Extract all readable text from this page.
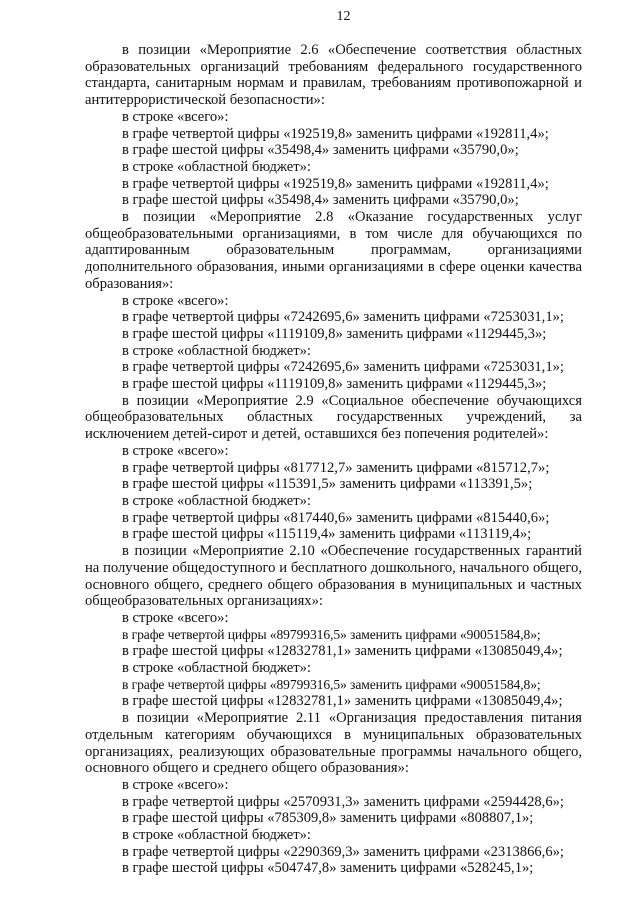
12

в позиции «Мероприятие 2.6 «Обеспечение соответствия областных образовательных организаций требованиям федерального государственного стандарта, санитарным нормам и правилам, требованиям противопожарной и антитеррористической безопасности»:

в строке «всего»:

в графе четвертой цифры «192519,8» заменить цифрами «192811,4»;

в графе шестой цифры «35498,4» заменить цифрами «35790,0»;

в строке «областной бюджет»:

в графе четвертой цифры «192519,8» заменить цифрами «192811,4»;

в графе шестой цифры «35498,4» заменить цифрами «35790,0»;

в позиции «Мероприятие 2.8 «Оказание государственных услуг общеобразовательными организациями, в том числе для обучающихся по адаптированным образовательным программам, организациями дополнительного образования, иными организациями в сфере оценки качества образования»:

в строке «всего»:

в графе четвертой цифры «7242695,6» заменить цифрами «7253031,1»;

в графе шестой цифры «1119109,8» заменить цифрами «1129445,3»;

в строке «областной бюджет»:

в графе четвертой цифры «7242695,6» заменить цифрами «7253031,1»;

в графе шестой цифры «1119109,8» заменить цифрами «1129445,3»;

в позиции «Мероприятие 2.9 «Социальное обеспечение обучающихся общеобразовательных областных государственных учреждений, за исключением детей-сирот и детей, оставшихся без попечения родителей»:

в строке «всего»:

в графе четвертой цифры «817712,7» заменить цифрами «815712,7»;

в графе шестой цифры «115391,5» заменить цифрами «113391,5»;

в строке «областной бюджет»:

в графе четвертой цифры «817440,6» заменить цифрами «815440,6»;

в графе шестой цифры «115119,4» заменить цифрами «113119,4»;

в позиции «Мероприятие 2.10 «Обеспечение государственных гарантий на получение общедоступного и бесплатного дошкольного, начального общего, основного общего, среднего общего образования в муниципальных и частных общеобразовательных организациях»:

в строке «всего»:

в графе четвертой цифры «89799316,5» заменить цифрами «90051584,8»;

в графе шестой цифры «12832781,1» заменить цифрами «13085049,4»;

в строке «областной бюджет»:

в графе четвертой цифры «89799316,5» заменить цифрами «90051584,8»;

в графе шестой цифры «12832781,1» заменить цифрами «13085049,4»;

в позиции «Мероприятие 2.11 «Организация предоставления питания отдельным категориям обучающихся в муниципальных образовательных организациях, реализующих образовательные программы начального общего, основного общего и среднего общего образования»:

в строке «всего»:

в графе четвертой цифры «2570931,3» заменить цифрами «2594428,6»;

в графе шестой цифры «785309,8» заменить цифрами «808807,1»;

в строке «областной бюджет»:

в графе четвертой цифры «2290369,3» заменить цифрами «2313866,6»;

в графе шестой цифры «504747,8» заменить цифрами «528245,1»;
